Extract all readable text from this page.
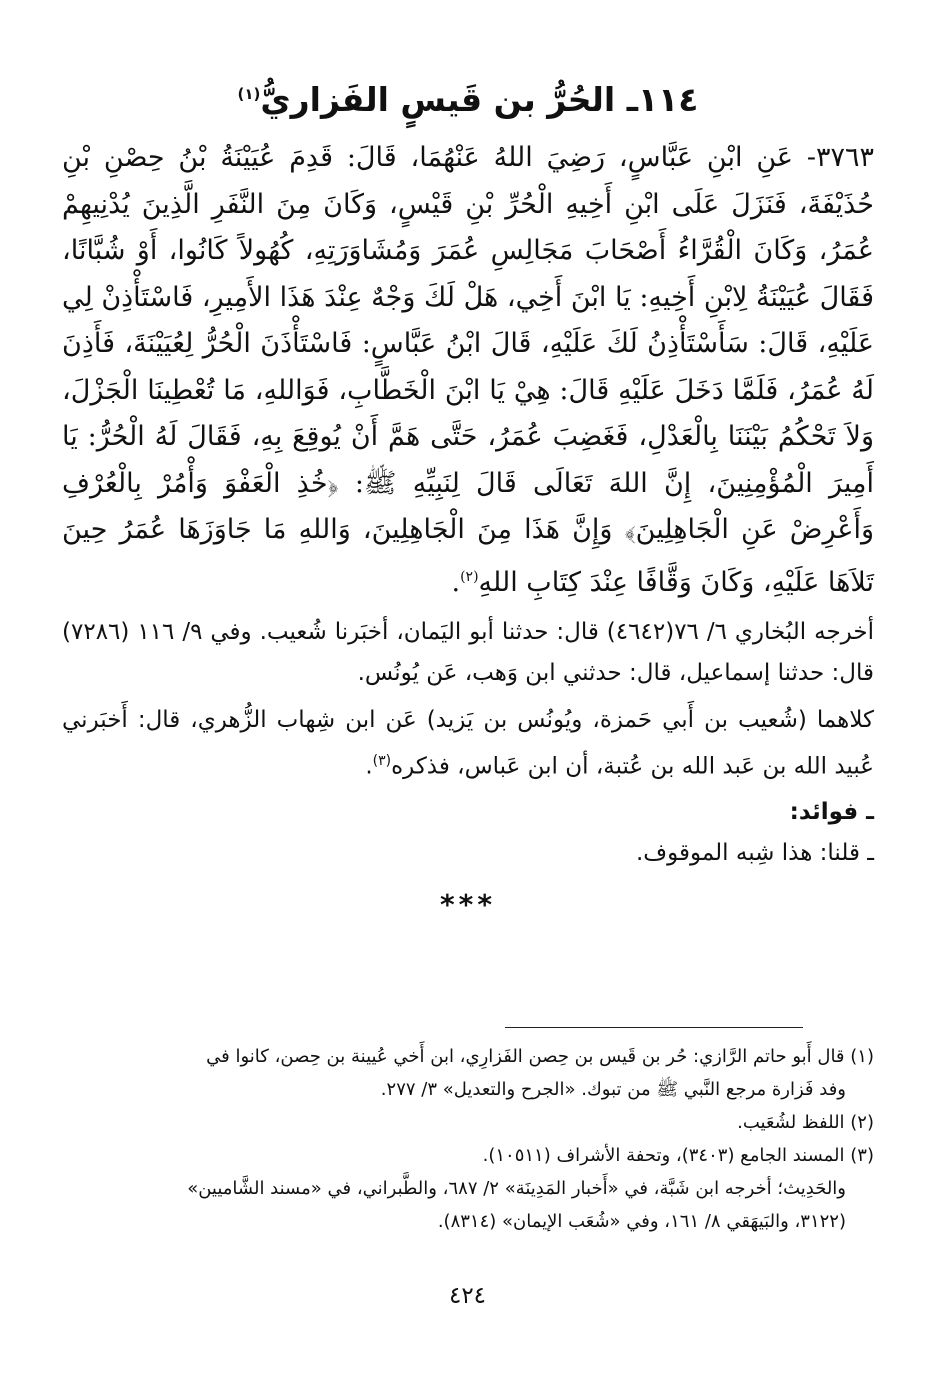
١١٤ـ الحُرُّ بن قَيسٍ الفَزاريُّ$^{(١)}$

٣٧٦٣- عَنِ ابْنِ عَبَّاسٍ، رَضِيَ اللهُ عَنْهُمَا، قَالَ: قَدِمَ عُيَيْنَةُ بْنُ حِصْنِ بْنِ حُذَيْفَةَ، فَنَزَلَ عَلَى ابْنِ أَخِيهِ الْحُرِّ بْنِ قَيْسٍ، وَكَانَ مِنَ النَّفَرِ الَّذِينَ يُدْنِيهِمْ عُمَرُ، وَكَانَ الْقُرَّاءُ أَصْحَابَ مَجَالِسِ عُمَرَ وَمُشَاوَرَتِهِ، كُهُولاً كَانُوا، أَوْ شُبَّانًا، فَقَالَ عُيَيْنَةُ لِابْنِ أَخِيهِ: يَا ابْنَ أَخِي، هَلْ لَكَ وَجْهٌ عِنْدَ هَذَا الأَمِيرِ، فَاسْتَأْذِنْ لِي عَلَيْهِ، قَالَ: سَأَسْتَأْذِنُ لَكَ عَلَيْهِ، قَالَ ابْنُ عَبَّاسٍ: فَاسْتَأْذَنَ الْحُرُّ لِعُيَيْنَةَ، فَأَذِنَ لَهُ عُمَرُ، فَلَمَّا دَخَلَ عَلَيْهِ قَالَ: هِيْ يَا ابْنَ الْخَطَّابِ، فَوَاللهِ، مَا تُعْطِينَا الْجَزْلَ، وَلاَ تَحْكُمُ بَيْنَنَا بِالْعَدْلِ، فَغَضِبَ عُمَرُ، حَتَّى هَمَّ أَنْ يُوقِعَ بِهِ، فَقَالَ لَهُ الْحُرُّ: يَا أَمِيرَ الْمُؤْمِنِينَ، إِنَّ اللهَ تَعَالَى قَالَ لِنَبِيِّهِ ﷺ: ﴿خُذِ الْعَفْوَ وَأْمُرْ بِالْعُرْفِ وَأَعْرِضْ عَنِ الْجَاهِلِينَ﴾ وَإِنَّ هَذَا مِنَ الْجَاهِلِينَ، وَاللهِ مَا جَاوَزَهَا عُمَرُ حِينَ تَلاَهَا عَلَيْهِ، وَكَانَ وَقَّافًا عِنْدَ كِتَابِ اللهِ$^{(٢)}$.

أخرجه البُخاري ٦/ ٧٦(٤٦٤٢) قال: حدثنا أبو اليَمان، أخبَرنا شُعيب. وفي ٩/ ١١٦ (٧٢٨٦) قال: حدثنا إسماعيل، قال: حدثني ابن وَهب، عَن يُونُس.

كلاهما (شُعيب بن أَبي حَمزة، ويُونُس بن يَزيد) عَن ابن شِهاب الزُّهري، قال: أَخبَرني عُبيد الله بن عَبد الله بن عُتبة، أن ابن عَباس، فذكره$^{(٣)}$.

ـ فوائد:
ـ قلنا: هذا شِبه الموقوف.
***

(١) قال أَبو حاتم الرَّازي: حُر بن قَيس بن حِصن الفَزارِي، ابن أَخي عُيينة بن حِصن، كانوا في

وفد فَزارة مرجع النَّبي ﷺ من تبوك. «الجرح والتعديل» ٣/ ٢٧٧.

(٢) اللفظ لشُعَيب.

(٣) المسند الجامع (٣٤٠٣)، وتحفة الأشراف (١٠٥١١).

والحَدِيث؛ أخرجه ابن شَبَّة، في «أَخبار المَدِينَة» ٢/ ٦٨٧، والطَّبراني، في «مسند الشَّاميين»

(٣١٢٢، والبَيهَقي ٨/ ١٦١، وفي «شُعَب الإيمان» (٨٣١٤).

٤٢٤
